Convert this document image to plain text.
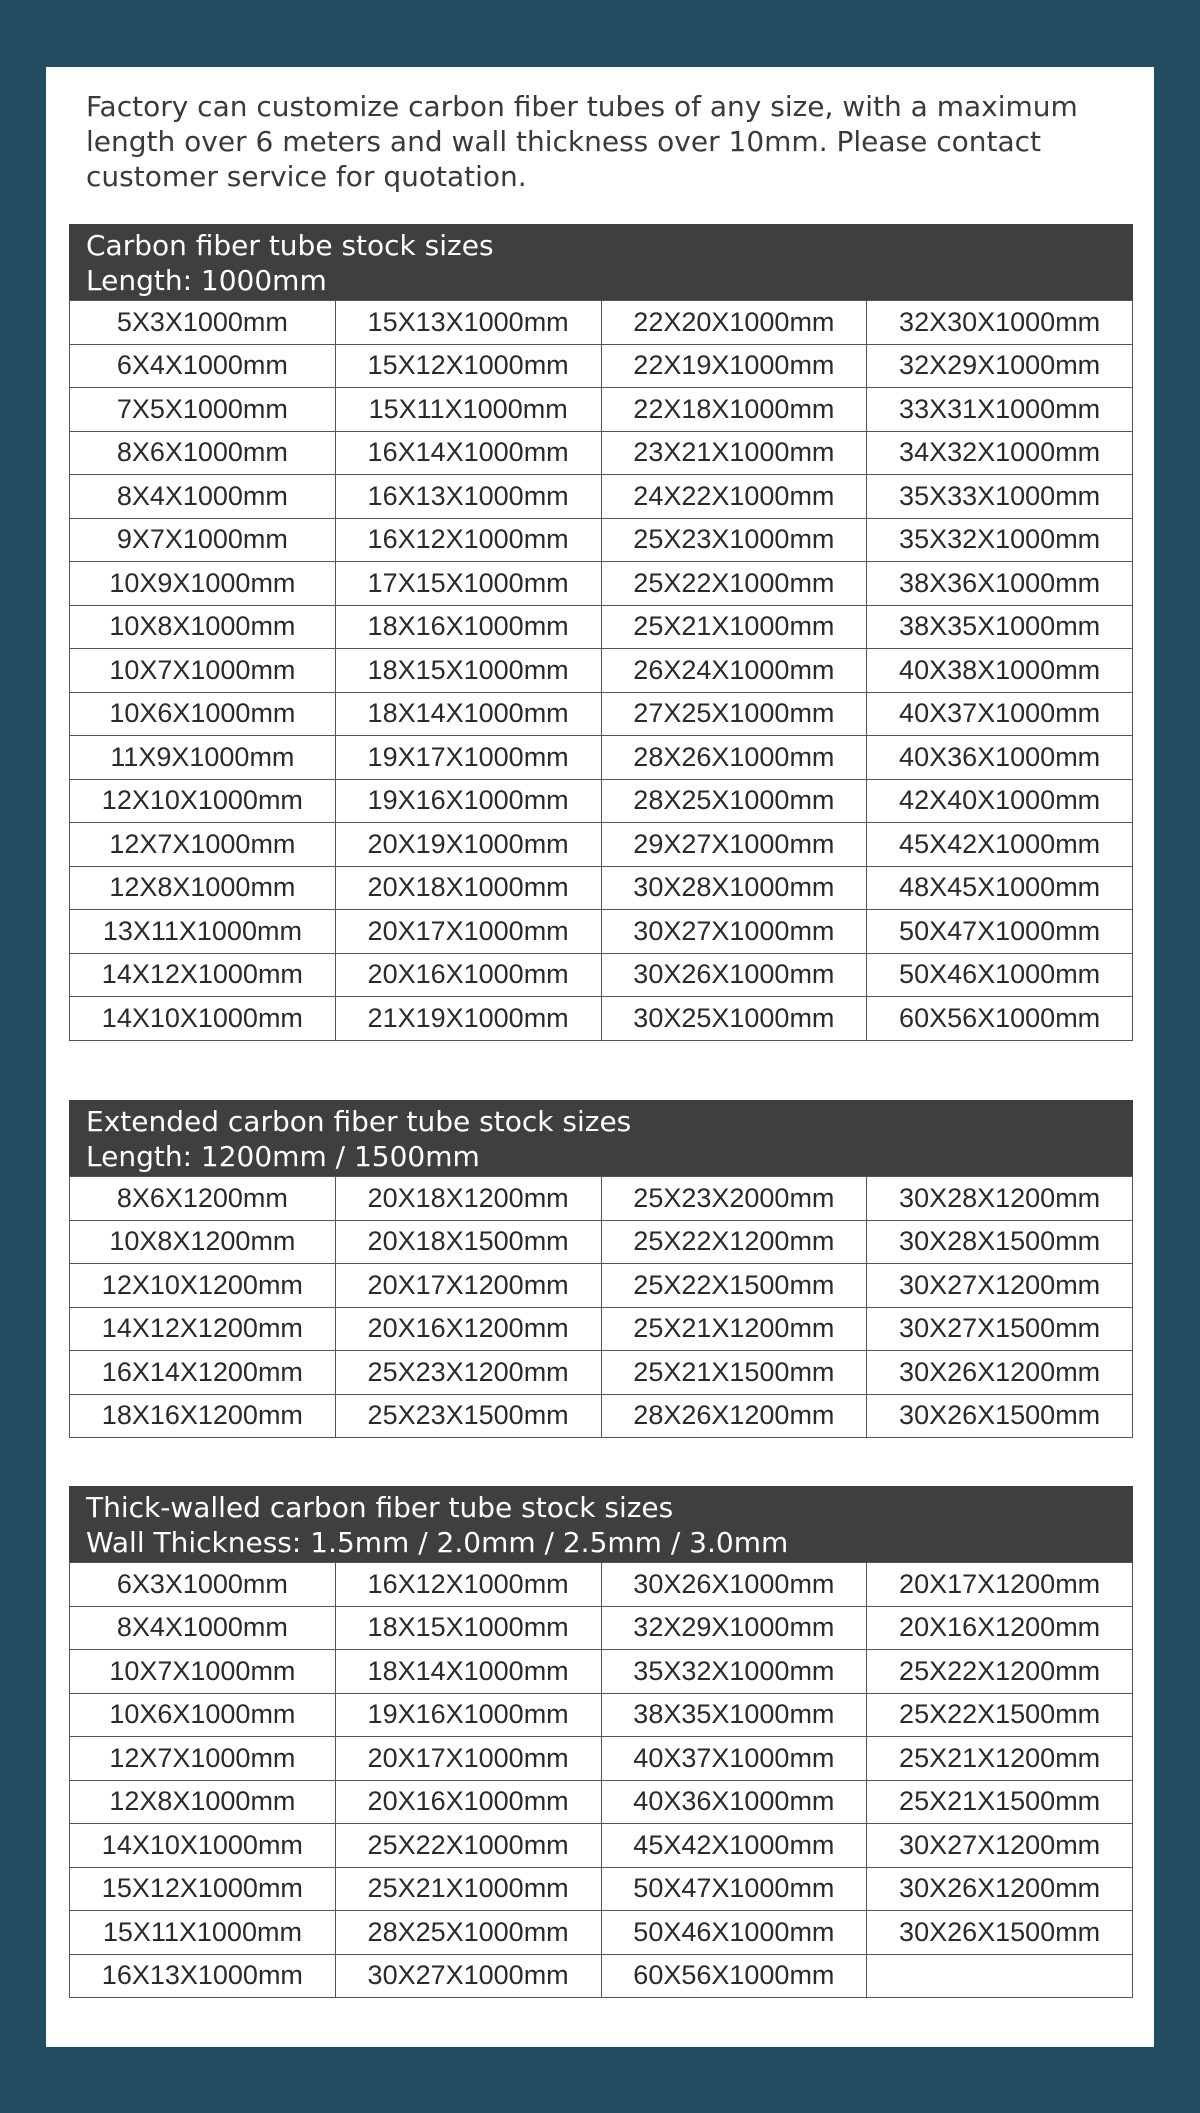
Factory can customize carbon fiber tubes of any size, with a maximum length over 6 meters and wall thickness over 10mm. Please contact customer service for quotation.

Carbon fiber tube stock sizes
Length: 1000mm
5X3X1000mm	15X13X1000mm	22X20X1000mm	32X30X1000mm
6X4X1000mm	15X12X1000mm	22X19X1000mm	32X29X1000mm
7X5X1000mm	15X11X1000mm	22X18X1000mm	33X31X1000mm
8X6X1000mm	16X14X1000mm	23X21X1000mm	34X32X1000mm
8X4X1000mm	16X13X1000mm	24X22X1000mm	35X33X1000mm
9X7X1000mm	16X12X1000mm	25X23X1000mm	35X32X1000mm
10X9X1000mm	17X15X1000mm	25X22X1000mm	38X36X1000mm
10X8X1000mm	18X16X1000mm	25X21X1000mm	38X35X1000mm
10X7X1000mm	18X15X1000mm	26X24X1000mm	40X38X1000mm
10X6X1000mm	18X14X1000mm	27X25X1000mm	40X37X1000mm
11X9X1000mm	19X17X1000mm	28X26X1000mm	40X36X1000mm
12X10X1000mm	19X16X1000mm	28X25X1000mm	42X40X1000mm
12X7X1000mm	20X19X1000mm	29X27X1000mm	45X42X1000mm
12X8X1000mm	20X18X1000mm	30X28X1000mm	48X45X1000mm
13X11X1000mm	20X17X1000mm	30X27X1000mm	50X47X1000mm
14X12X1000mm	20X16X1000mm	30X26X1000mm	50X46X1000mm
14X10X1000mm	21X19X1000mm	30X25X1000mm	60X56X1000mm
Extended carbon fiber tube stock sizes
Length: 1200mm / 1500mm
8X6X1200mm	20X18X1200mm	25X23X2000mm	30X28X1200mm
10X8X1200mm	20X18X1500mm	25X22X1200mm	30X28X1500mm
12X10X1200mm	20X17X1200mm	25X22X1500mm	30X27X1200mm
14X12X1200mm	20X16X1200mm	25X21X1200mm	30X27X1500mm
16X14X1200mm	25X23X1200mm	25X21X1500mm	30X26X1200mm
18X16X1200mm	25X23X1500mm	28X26X1200mm	30X26X1500mm
Thick-walled carbon fiber tube stock sizes
Wall Thickness: 1.5mm / 2.0mm / 2.5mm / 3.0mm
6X3X1000mm	16X12X1000mm	30X26X1000mm	20X17X1200mm
8X4X1000mm	18X15X1000mm	32X29X1000mm	20X16X1200mm
10X7X1000mm	18X14X1000mm	35X32X1000mm	25X22X1200mm
10X6X1000mm	19X16X1000mm	38X35X1000mm	25X22X1500mm
12X7X1000mm	20X17X1000mm	40X37X1000mm	25X21X1200mm
12X8X1000mm	20X16X1000mm	40X36X1000mm	25X21X1500mm
14X10X1000mm	25X22X1000mm	45X42X1000mm	30X27X1200mm
15X12X1000mm	25X21X1000mm	50X47X1000mm	30X26X1200mm
15X11X1000mm	28X25X1000mm	50X46X1000mm	30X26X1500mm
16X13X1000mm	30X27X1000mm	60X56X1000mm	
